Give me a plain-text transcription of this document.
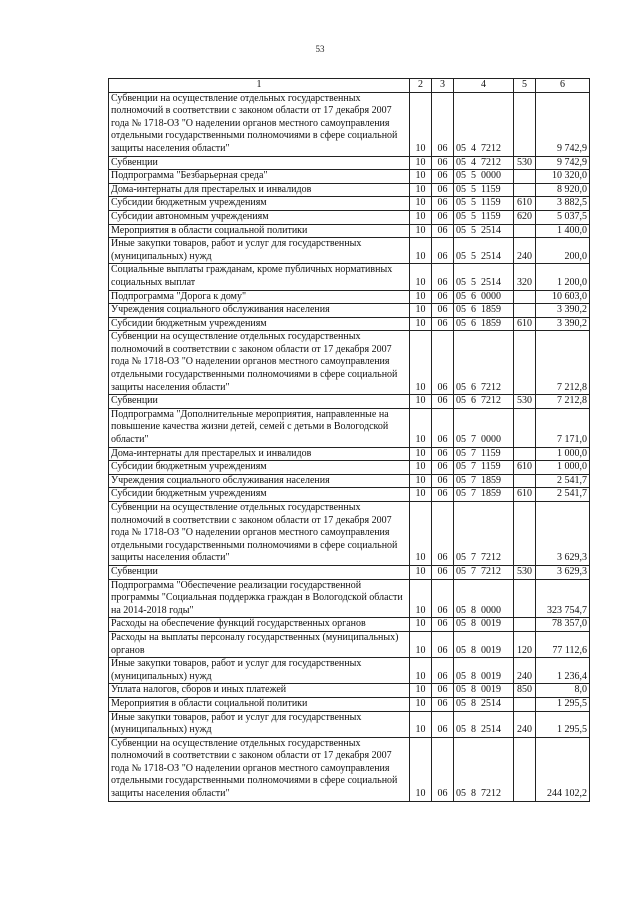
53
1	2	3	4	5	6
Субвенции на осуществление отдельных государственных полномочий в соответствии с законом области от 17 декабря 2007 года № 1718-ОЗ "О наделении органов местного самоуправления отдельными государственными полномочиями в сфере социальной защиты населения области"	10	06	05  4  7212		9 742,9
Субвенции	10	06	05  4  7212	530	9 742,9
Подпрограмма "Безбарьерная среда"	10	06	05  5  0000		10 320,0
Дома-интернаты для престарелых и инвалидов	10	06	05  5  1159		8 920,0
Субсидии бюджетным учреждениям	10	06	05  5  1159	610	3 882,5
Субсидии автономным учреждениям	10	06	05  5  1159	620	5 037,5
Мероприятия в области социальной политики	10	06	05  5  2514		1 400,0
Иные закупки товаров, работ и услуг для государственных (муниципальных) нужд	10	06	05  5  2514	240	200,0
Социальные выплаты гражданам, кроме публичных нормативных социальных выплат	10	06	05  5  2514	320	1 200,0
Подпрограмма "Дорога к дому"	10	06	05  6  0000		10 603,0
Учреждения социального обслуживания населения	10	06	05  6  1859		3 390,2
Субсидии бюджетным учреждениям	10	06	05  6  1859	610	3 390,2
Субвенции на осуществление отдельных государственных полномочий в соответствии с законом области от 17 декабря 2007 года № 1718-ОЗ "О наделении органов местного самоуправления отдельными государственными полномочиями в сфере социальной защиты населения области"	10	06	05  6  7212		7 212,8
Субвенции	10	06	05  6  7212	530	7 212,8
Подпрограмма "Дополнительные мероприятия, направленные на повышение качества жизни детей, семей с детьми в Вологодской области"	10	06	05  7  0000		7 171,0
Дома-интернаты для престарелых и инвалидов	10	06	05  7  1159		1 000,0
Субсидии бюджетным учреждениям	10	06	05  7  1159	610	1 000,0
Учреждения социального обслуживания населения	10	06	05  7  1859		2 541,7
Субсидии бюджетным учреждениям	10	06	05  7  1859	610	2 541,7
Субвенции на осуществление отдельных государственных полномочий в соответствии с законом области от 17 декабря 2007 года № 1718-ОЗ "О наделении органов местного самоуправления отдельными государственными полномочиями в сфере социальной защиты населения области"	10	06	05  7  7212		3 629,3
Субвенции	10	06	05  7  7212	530	3 629,3
Подпрограмма "Обеспечение реализации государственной программы "Социальная поддержка граждан в Вологодской области на 2014-2018 годы"	10	06	05  8  0000		323 754,7
Расходы на обеспечение функций государственных органов	10	06	05  8  0019		78 357,0
Расходы на выплаты персоналу государственных (муниципальных) органов	10	06	05  8  0019	120	77 112,6
Иные закупки товаров, работ и услуг для государственных (муниципальных) нужд	10	06	05  8  0019	240	1 236,4
Уплата налогов, сборов и иных платежей	10	06	05  8  0019	850	8,0
Мероприятия в области социальной политики	10	06	05  8  2514		1 295,5
Иные закупки товаров, работ и услуг для государственных (муниципальных) нужд	10	06	05  8  2514	240	1 295,5
Субвенции на осуществление отдельных государственных полномочий в соответствии с законом области от 17 декабря 2007 года № 1718-ОЗ "О наделении органов местного самоуправления отдельными государственными полномочиями в сфере социальной защиты населения области"	10	06	05  8  7212		244 102,2
